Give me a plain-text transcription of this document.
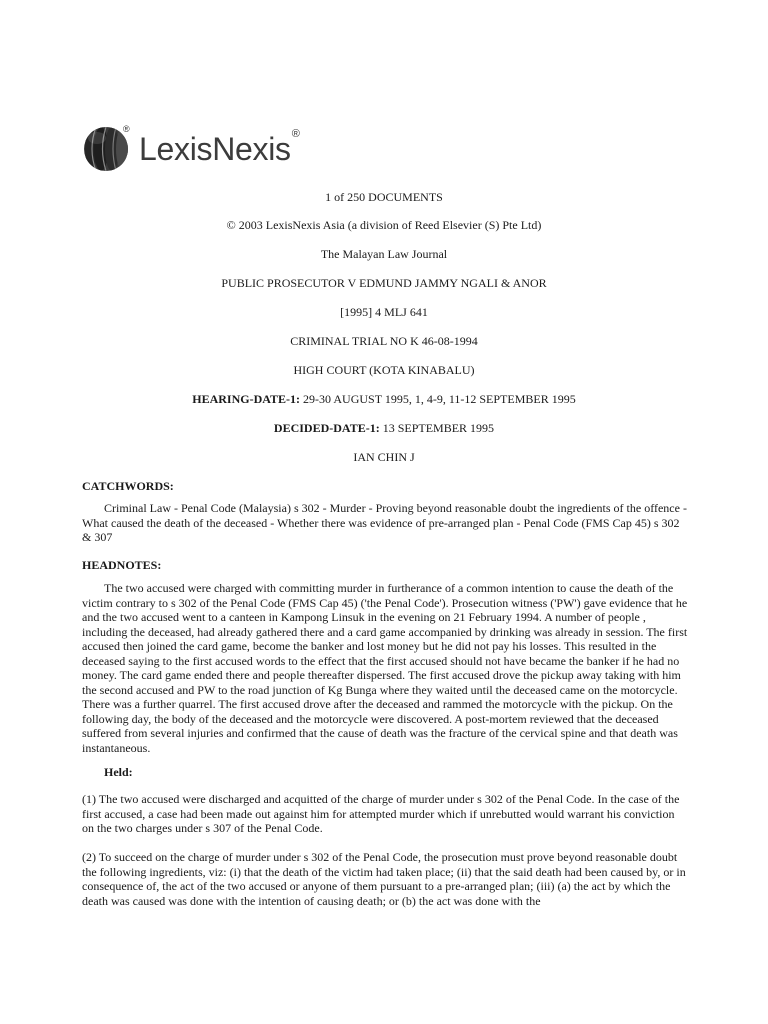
®
LexisNexis®
1 of 250 DOCUMENTS
© 2003 LexisNexis Asia (a division of Reed Elsevier (S) Pte Ltd)
The Malayan Law Journal
PUBLIC PROSECUTOR V EDMUND JAMMY NGALI & ANOR
[1995] 4 MLJ 641
CRIMINAL TRIAL NO K 46-08-1994
HIGH COURT (KOTA KINABALU)
HEARING-DATE-1: 29-30 AUGUST 1995, 1, 4-9, 11-12 SEPTEMBER 1995
DECIDED-DATE-1: 13 SEPTEMBER 1995
IAN CHIN J
CATCHWORDS:

Criminal Law - Penal Code (Malaysia) s 302 - Murder - Proving beyond reasonable doubt the ingredients of the offence - What caused the death of the deceased - Whether there was evidence of pre-arranged plan - Penal Code (FMS Cap 45) s 302 & 307

HEADNOTES:

The two accused were charged with committing murder in furtherance of a common intention to cause the death of the victim contrary to s 302 of the Penal Code (FMS Cap 45) ('the Penal Code'). Prosecution witness ('PW') gave evidence that he and the two accused went to a canteen in Kampong Linsuk in the evening on 21 February 1994. A number of people , including the deceased, had already gathered there and a card game accompanied by drinking was already in session. The first accused then joined the card game, become the banker and lost money but he did not pay his losses. This resulted in the deceased saying to the first accused words to the effect that the first accused should not have became the banker if he had no money. The card game ended there and people thereafter dispersed. The first accused drove the pickup away taking with him the second accused and PW to the road junction of Kg Bunga where they waited until the deceased came on the motorcycle. There was a further quarrel. The first accused drove after the deceased and rammed the motorcycle with the pickup. On the following day, the body of the deceased and the motorcycle were discovered. A post-mortem reviewed that the deceased suffered from several injuries and confirmed that the cause of death was the fracture of the cervical spine and that death was instantaneous.

Held:

(1) The two accused were discharged and acquitted of the charge of murder under s 302 of the Penal Code. In the case of the first accused, a case had been made out against him for attempted murder which if unrebutted would warrant his conviction on the two charges under s 307 of the Penal Code.

(2) To succeed on the charge of murder under s 302 of the Penal Code, the prosecution must prove beyond reasonable doubt the following ingredients, viz: (i) that the death of the victim had taken place; (ii) that the said death had been caused by, or in consequence of, the act of the two accused or anyone of them pursuant to a pre-arranged plan; (iii) (a) the act by which the death was caused was done with the intention of causing death; or (b) the act was done with the
